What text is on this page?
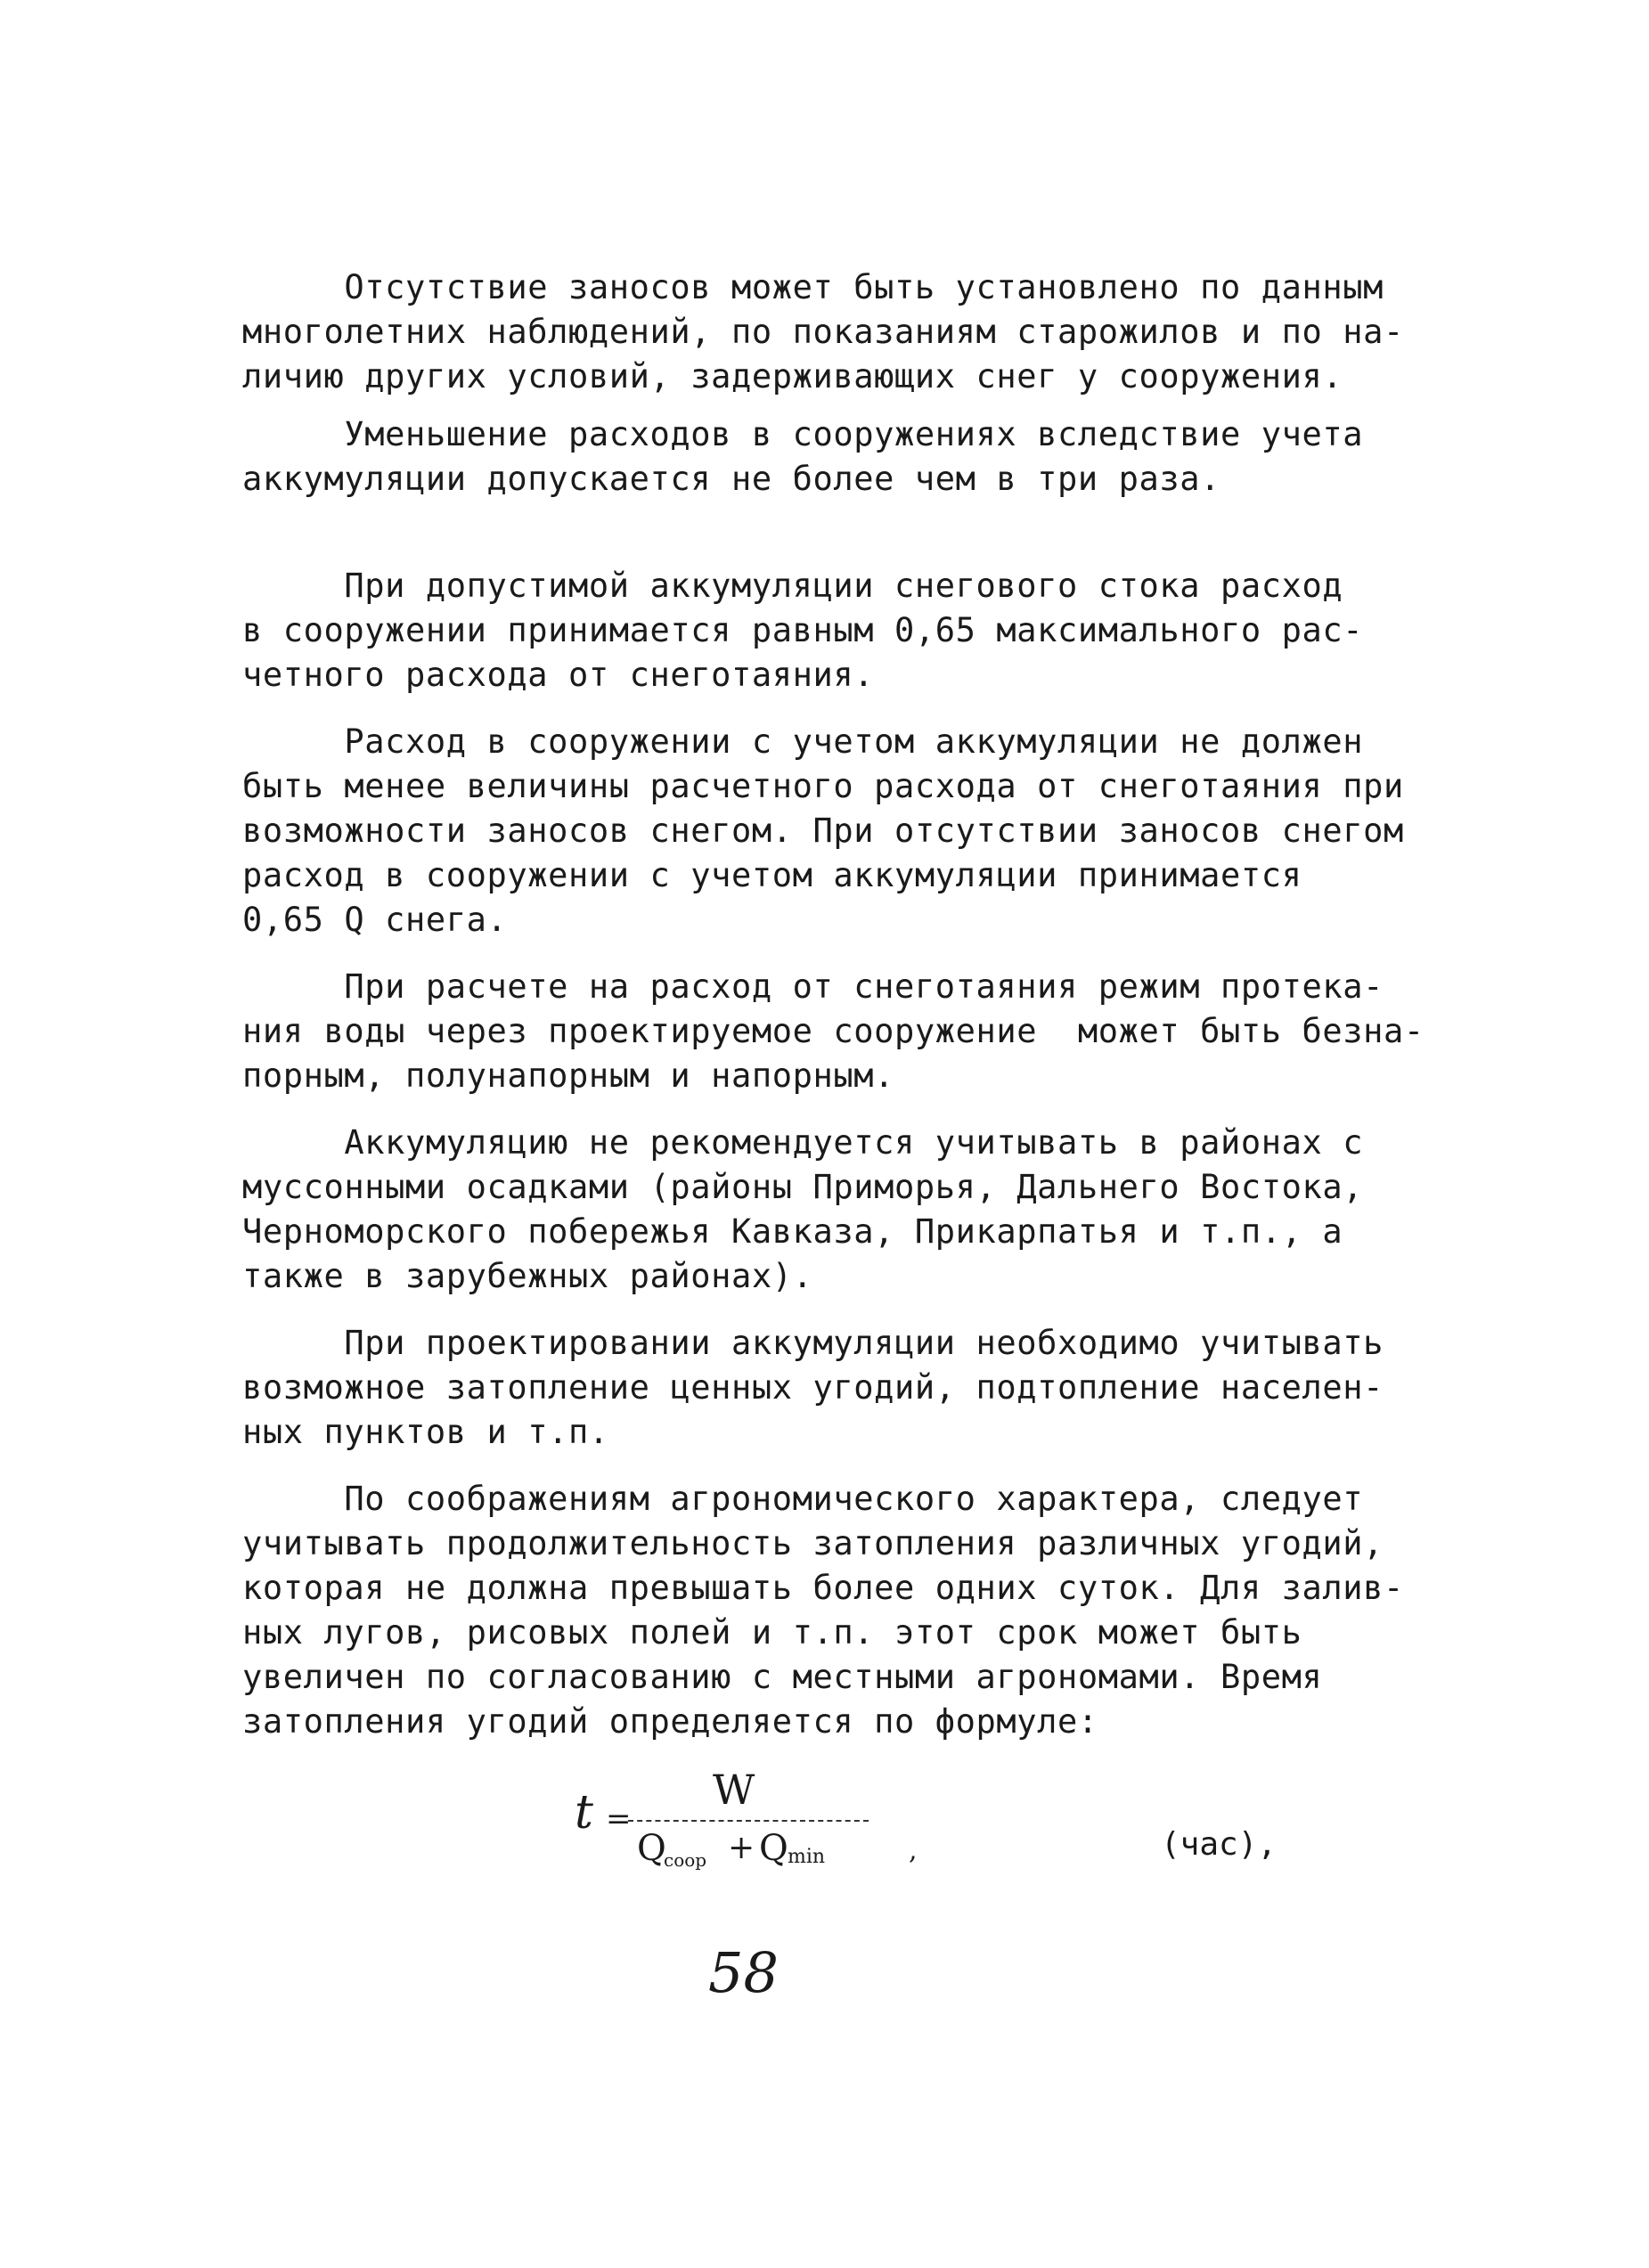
Отсутствие заносов может быть установлено по данным
многолетних наблюдений, по показаниям старожилов и по на-
личию других условий, задерживающих снег у сооружения.
Уменьшение расходов в сооружениях вследствие учета
аккумуляции допускается не более чем в три раза.
При допустимой аккумуляции снегового стока расход
в сооружении принимается равным 0,65 максимального рас-
четного расхода от снеготаяния.
Расход в сооружении с учетом аккумуляции не должен
быть менее величины расчетного расхода от снеготаяния при
возможности заносов снегом. При отсутствии заносов снегом
расход в сооружении с учетом аккумуляции принимается
0,65 Q снега.
При расчете на расход от снеготаяния режим протека-
ния воды через проектируемое сооружение  может быть безна-
порным, полунапорным и напорным.
Аккумуляцию не рекомендуется учитывать в районах с
муссонными осадками (районы Приморья, Дальнего Востока,
Черноморского побережья Кавказа, Прикарпатья и т.п., а
также в зарубежных районах).
При проектировании аккумуляции необходимо учитывать
возможное затопление ценных угодий, подтопление населен-
ных пунктов и т.п.
По соображениям агрономического характера, следует
учитывать продолжительность затопления различных угодий,
которая не должна превышать более одних суток. Для залив-
ных лугов, рисовых полей и т.п. этот срок может быть
увеличен по согласованию с местными агрономами. Время
затопления угодий определяется по формуле:
t =
W
Q
соор + Q min	,	(час),
58
